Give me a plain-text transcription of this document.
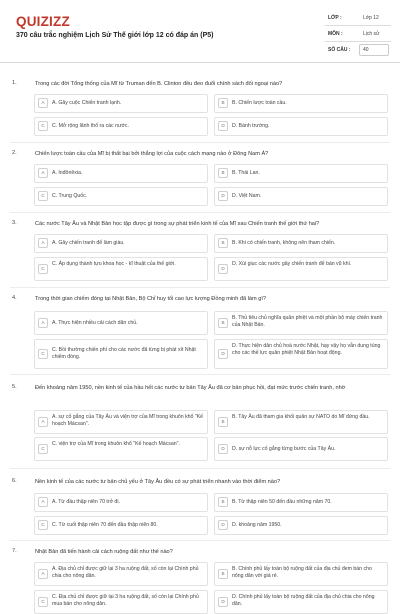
QUIZIZZ
370 câu trắc nghiệm Lịch Sử Thế giới lớp 12 có đáp án (P5)
LỚP :	Lớp 12
MÔN :	Lịch sử
SỐ CÂU :	40
1.	Trong các đời Tổng thống của Mĩ từ Truman đến B. Clinton đều đeo đuổi chính sách đối ngoại nào?
A	A. Gây cuộc Chiến tranh lạnh.	B	B. Chiến lược toàn cầu.
C	C. Mở rộng lãnh thổ ra các nước.	D	D. Bành trướng.
2.	Chiến lược toàn cầu của Mĩ bị thất bại bởi thắng lợi của cuộc cách mạng nào ở Đông Nam Á?
A	A. Inđônêxia.	B	B. Thái Lan.
C	C. Trung Quốc.	D	D. Việt Nam.
3.	Các nước Tây Âu và Nhật Bản học tập được gì trong sự phát triển kinh tế của Mĩ sau Chiến tranh thế giới thứ hai?
A	A. Gây chiến tranh để làm giàu.	B	B. Khi có chiến tranh, không nên tham chiến.
C
C. Áp dụng thành tựu khoa học - kĩ thuật của thế giới.
D
D. Xúi giục các nước gây chiến tranh để bán vũ khí.
4.	Trong thời gian chiếm đóng tại Nhật Bản, Bộ Chỉ huy tối cao lực lượng Đồng minh đã làm gì?
A	A. Thực hiện nhiều cải cách dân chủ.	B
B. Thủ tiêu chủ nghĩa quân phiệt và một phần bộ máy chiến tranh của Nhật Bản.
C
C. Bồi thường chiến phí cho các nước đã từng bị phát xít Nhật chiếm đóng.
D
D. Thực hiện dân chủ hoá nước Nhật, hạy vậy họ vẫn dung túng cho các thế lực quân phiệt Nhật Bản hoạt động.
5.	Đến khoảng năm 1950, nền kinh tế của hầu hết các nước tư bản Tây Âu đã cơ bản phục hồi, đạt mức trước chiến tranh, nhờ
A
A. sự cố gắng của Tây Âu và viện trợ của Mĩ trong khuôn khổ "Kế hoạch Mácsan".	B
B. Tây Âu đã tham gia khối quân sự NATO do Mĩ đứng đầu.
C
C. viện trợ của Mĩ trong khuôn khổ "Kế hoạch Mácsan".
D	D. sự nỗ lực cố gắng từng bước của Tây Âu.
6.	Nền kinh tế của các nước tư bản chủ yếu ở Tây Âu đều có sự phát triển nhanh vào thời điểm nào?
A	A. Từ đầu thập niên 70 trở đi.	B	B. Từ thập niên 50 đến đầu những năm 70.
C	C. Từ cuối thập niên 70 đến đầu thập niên 80.	D	D. khoảng năm 1950.
7.	Nhật Bản đã tiến hành cải cách ruộng đất như thế nào?
A
A. Địa chủ chỉ được giữ lại 3 ha ruộng đất, số còn lại Chính phủ chia cho nông dân.	B
B. Chính phủ lấy toàn bộ ruộng đất của địa chủ đem bán cho nông dân với giá rẻ.
C
C. Địa chủ chỉ được giữ lại 3 ha ruộng đất, số còn lại Chính phủ mua bán cho nông dân.	D
D. Chính phủ lấy toàn bộ ruộng đất của địa chủ chia cho nông dân.
